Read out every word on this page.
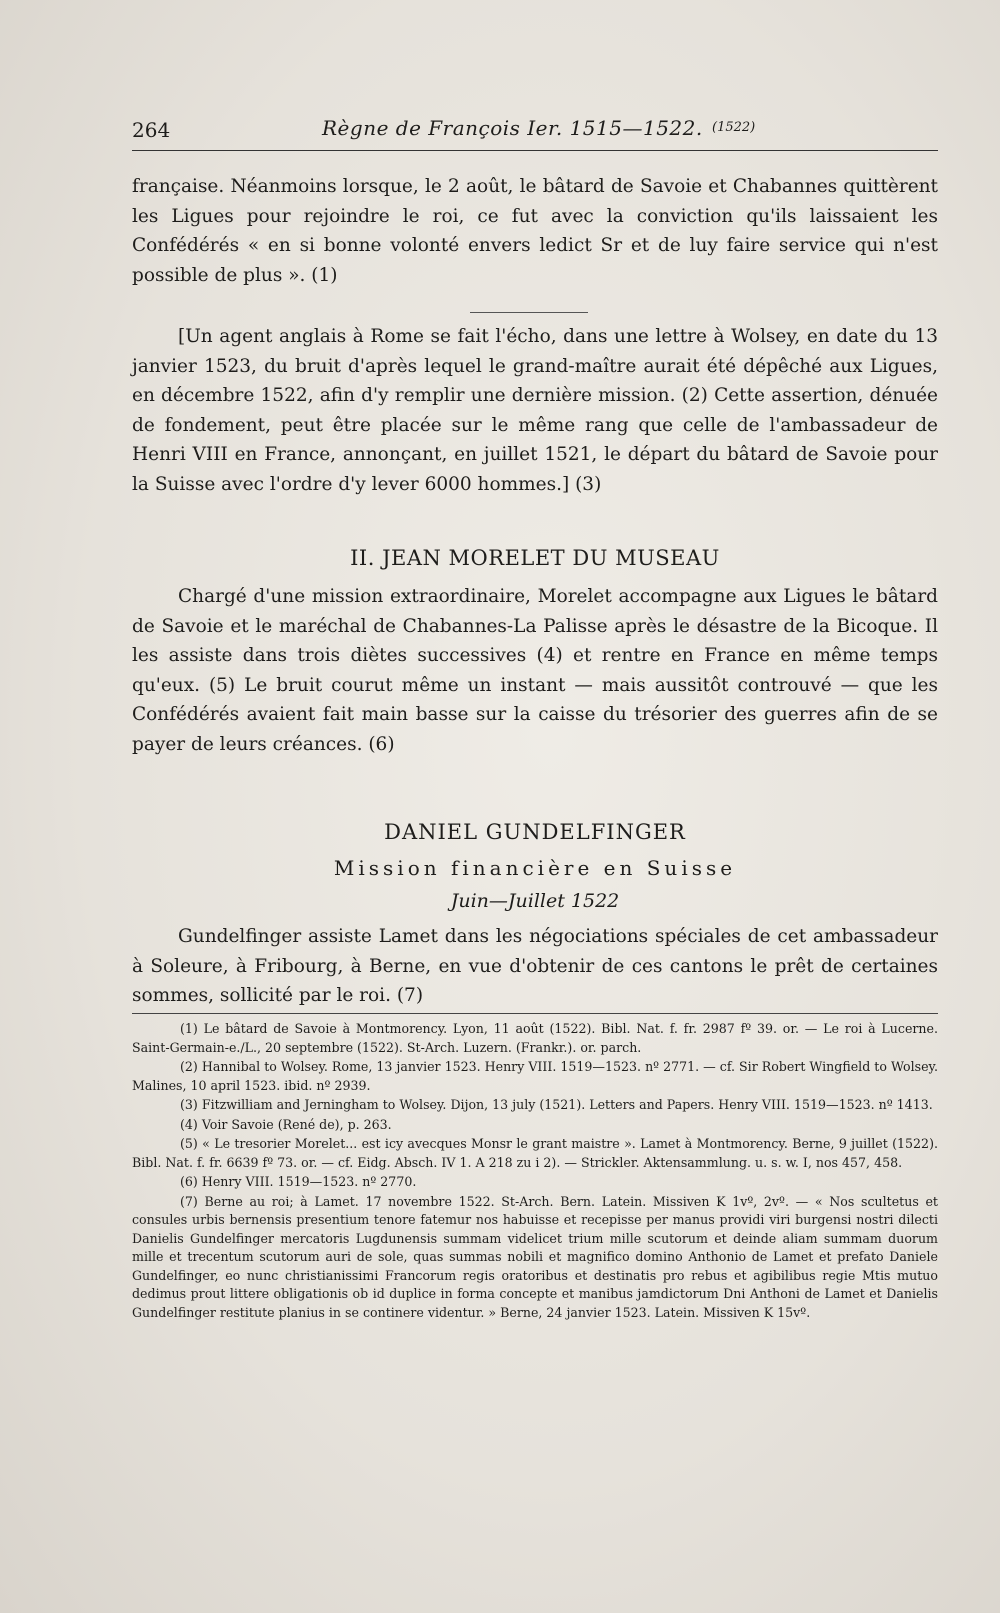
264	Règne de François Ier. 1515—1522. (1522)

française. Néanmoins lorsque, le 2 août, le bâtard de Savoie et Chabannes quittèrent les Ligues pour rejoindre le roi, ce fut avec la conviction qu'ils laissaient les Confédérés « en si bonne volonté envers ledict Sr et de luy faire service qui n'est possible de plus ». (1)

[Un agent anglais à Rome se fait l'écho, dans une lettre à Wolsey, en date du 13 janvier 1523, du bruit d'après lequel le grand-maître aurait été dépêché aux Ligues, en décembre 1522, afin d'y remplir une dernière mission. (2) Cette assertion, dénuée de fondement, peut être placée sur le même rang que celle de l'ambassadeur de Henri VIII en France, annonçant, en juillet 1521, le départ du bâtard de Savoie pour la Suisse avec l'ordre d'y lever 6000 hommes.] (3)

II. JEAN MORELET DU MUSEAU

Chargé d'une mission extraordinaire, Morelet accompagne aux Ligues le bâtard de Savoie et le maréchal de Chabannes-La Palisse après le désastre de la Bicoque. Il les assiste dans trois diètes successives (4) et rentre en France en même temps qu'eux. (5) Le bruit courut même un instant — mais aussitôt controuvé — que les Confédérés avaient fait main basse sur la caisse du trésorier des guerres afin de se payer de leurs créances. (6)

DANIEL GUNDELFINGER
Mission financière en Suisse
Juin—Juillet 1522

Gundelfinger assiste Lamet dans les négociations spéciales de cet ambassadeur à Soleure, à Fribourg, à Berne, en vue d'obtenir de ces cantons le prêt de certaines sommes, sollicité par le roi. (7)

(1) Le bâtard de Savoie à Montmorency. Lyon, 11 août (1522). Bibl. Nat. f. fr. 2987 fº 39. or. — Le roi à Lucerne. Saint-Germain-e./L., 20 septembre (1522). St-Arch. Luzern. (Frankr.). or. parch.

(2) Hannibal to Wolsey. Rome, 13 janvier 1523. Henry VIII. 1519—1523. nº 2771. — cf. Sir Robert Wingfield to Wolsey. Malines, 10 april 1523. ibid. nº 2939.

(3) Fitzwilliam and Jerningham to Wolsey. Dijon, 13 july (1521). Letters and Papers. Henry VIII. 1519—1523. nº 1413.

(4) Voir Savoie (René de), p. 263.

(5) « Le tresorier Morelet... est icy avecques Monsr le grant maistre ». Lamet à Montmorency. Berne, 9 juillet (1522). Bibl. Nat. f. fr. 6639 fº 73. or. — cf. Eidg. Absch. IV 1. A 218 zu i 2). — Strickler. Aktensammlung. u. s. w. I, nos 457, 458.

(6) Henry VIII. 1519—1523. nº 2770.

(7) Berne au roi; à Lamet. 17 novembre 1522. St-Arch. Bern. Latein. Missiven K 1vº, 2vº. — « Nos scultetus et consules urbis bernensis presentium tenore fatemur nos habuisse et recepisse per manus providi viri burgensi nostri dilecti Danielis Gundelfinger mercatoris Lugdunensis summam videlicet trium mille scutorum et deinde aliam summam duorum mille et trecentum scutorum auri de sole, quas summas nobili et magnifico domino Anthonio de Lamet et prefato Daniele Gundelfinger, eo nunc christianissimi Francorum regis oratoribus et destinatis pro rebus et agibilibus regie Mtis mutuo dedimus prout littere obligationis ob id duplice in forma concepte et manibus jamdictorum Dni Anthoni de Lamet et Danielis Gundelfinger restitute planius in se continere videntur. » Berne, 24 janvier 1523. Latein. Missiven K 15vº.
